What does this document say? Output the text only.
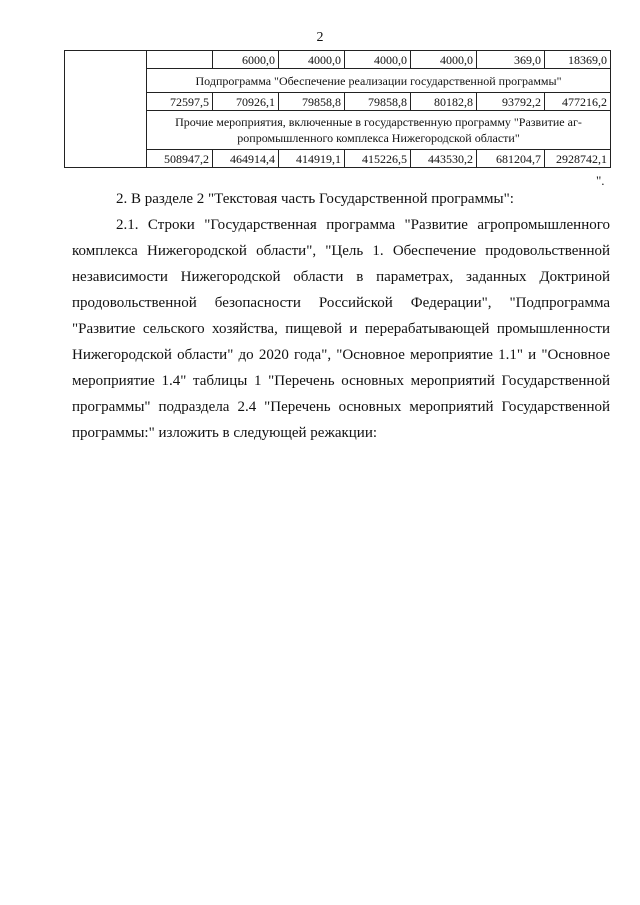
2
		6000,0	4000,0	4000,0	4000,0	369,0	18369,0
	Подпрограмма "Обеспечение реализации государственной программы"						
	72597,5	70926,1	79858,8	79858,8	80182,8	93792,2	477216,2
	Прочие мероприятия, включенные в государственную программу "Развитие аг-ропромышленного комплекса Нижегородской области"						
	508947,2	464914,4	414919,1	415226,5	443530,2	681204,7	2928742,1
".
2. В разделе 2 "Текстовая часть Государственной программы":
2.1. Строки "Государственная программа "Развитие агропромышленного комплекса Нижегородской области", "Цель 1. Обеспечение продовольственной независимости Нижегородской области в параметрах, заданных Доктриной продовольственной безопасности Российской Федерации", "Подпрограмма "Развитие сельского хозяйства, пищевой и перерабатывающей промышленности Нижегородской области" до 2020 года", "Основное мероприятие 1.1" и "Основное мероприятие 1.4" таблицы 1 "Перечень основных мероприятий Государственной программы" подраздела 2.4 "Перечень основных мероприятий Государственной программы:" изложить в следующей режакции:
